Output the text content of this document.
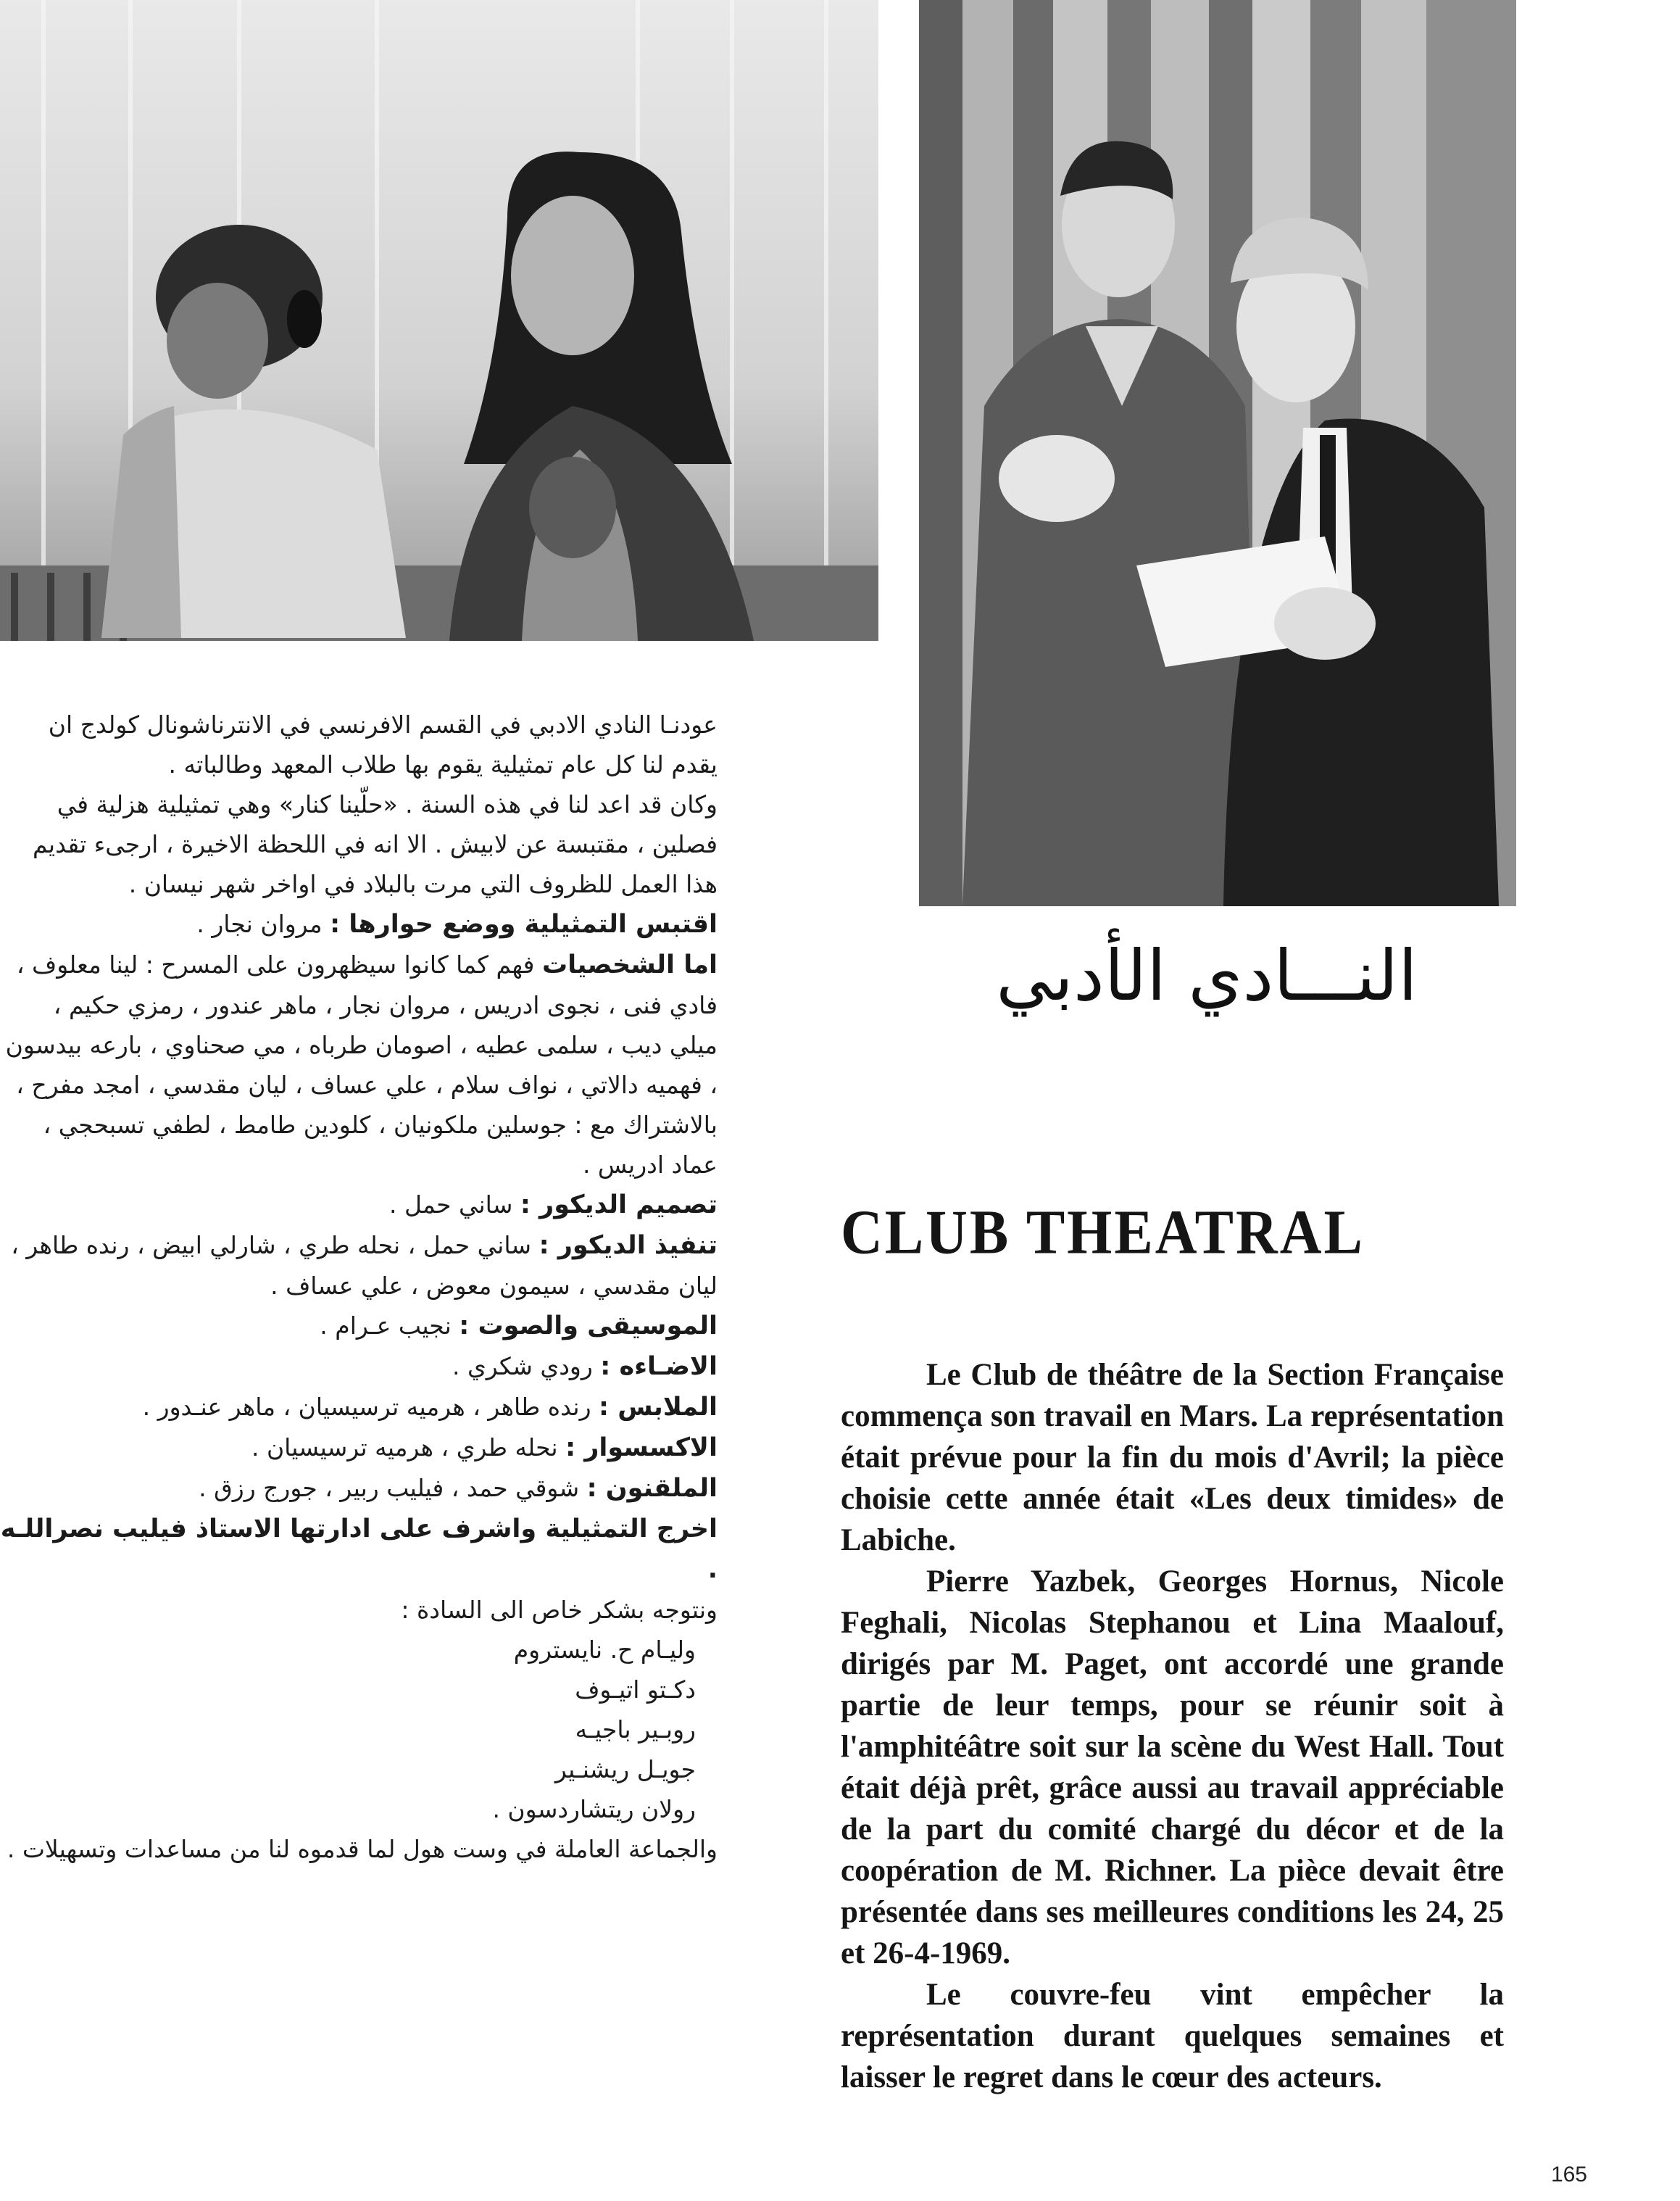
عودنـا النادي الادبي في القسم الافرنسي في الانترناشونال كولدج ان يقدم لنا كل عام تمثيلية يقوم بها طلاب المعهد وطالباته .

وكان قد اعد لنا في هذه السنة . «حلّينا كنار» وهي تمثيلية هزلية في فصلين ، مقتبسة عن لابيش . الا انه في اللحظة الاخيرة ، ارجىء تقديم هذا العمل للظروف التي مرت بالبلاد في اواخر شهر نيسان .

اقتبس التمثيلية ووضع حوارها : مروان نجار .

اما الشخصيات فهم كما كانوا سيظهرون على المسرح : لينا معلوف ، فادي فنى ، نجوى ادريس ، مروان نجار ، ماهر عندور ، رمزي حكيم ، ميلي ديب ، سلمى عطيه ، اصومان طرباه ، مي صحناوي ، بارعه بيدسون ، فهميه دالاتي ، نواف سلام ، علي عساف ، ليان مقدسي ، امجد مفرح ، بالاشتراك مع : جوسلين ملكونيان ، كلودين طامط ، لطفي تسبحجي ، عماد ادريس .

تصميم الديكور : ساني حمل .

تنفيذ الديكور : ساني حمل ، نحله طري ، شارلي ابيض ، رنده طاهر ، ليان مقدسي ، سيمون معوض ، علي عساف .

الموسيقى والصوت : نجيب عـرام .

الاضـاءه : رودي شكري .

الملابس : رنده طاهر ، هرميه ترسيسيان ، ماهر عنـدور .

الاكسسوار : نحله طري ، هرميه ترسيسيان .

الملقنون : شوقي حمد ، فيليب ربير ، جورج رزق .

اخرج التمثيلية واشرف على ادارتها الاستاذ فيليب نصراللـه .

ونتوجه بشكر خاص الى السادة :

وليـام ح. نايستروم

دكـتو اتيـوف

روبـير باجيـه

جويـل ريشنـير

رولان ريتشاردسون .

والجماعة العاملة في وست هول لما قدموه لنا من مساعدات وتسهيلات .

النـــادي الأدبي
CLUB THEATRAL

Le Club de théâtre de la Section Française commença son travail en Mars. La représentation était prévue pour la fin du mois d'Avril; la pièce choisie cette année était «Les deux timides» de Labiche.

Pierre Yazbek, Georges Hornus, Nicole Feghali, Nicolas Stephanou et Lina Maalouf, dirigés par M. Paget, ont accordé une grande partie de leur temps, pour se réunir soit à l'amphitéâtre soit sur la scène du West Hall. Tout était déjà prêt, grâce aussi au travail appréciable de la part du comité chargé du décor et de la coopération de M. Richner. La pièce devait être présentée dans ses meilleures conditions les 24, 25 et 26-4-1969.

Le couvre-feu vint empêcher la représentation durant quelques semaines et laisser le regret dans le cœur des acteurs.

165
